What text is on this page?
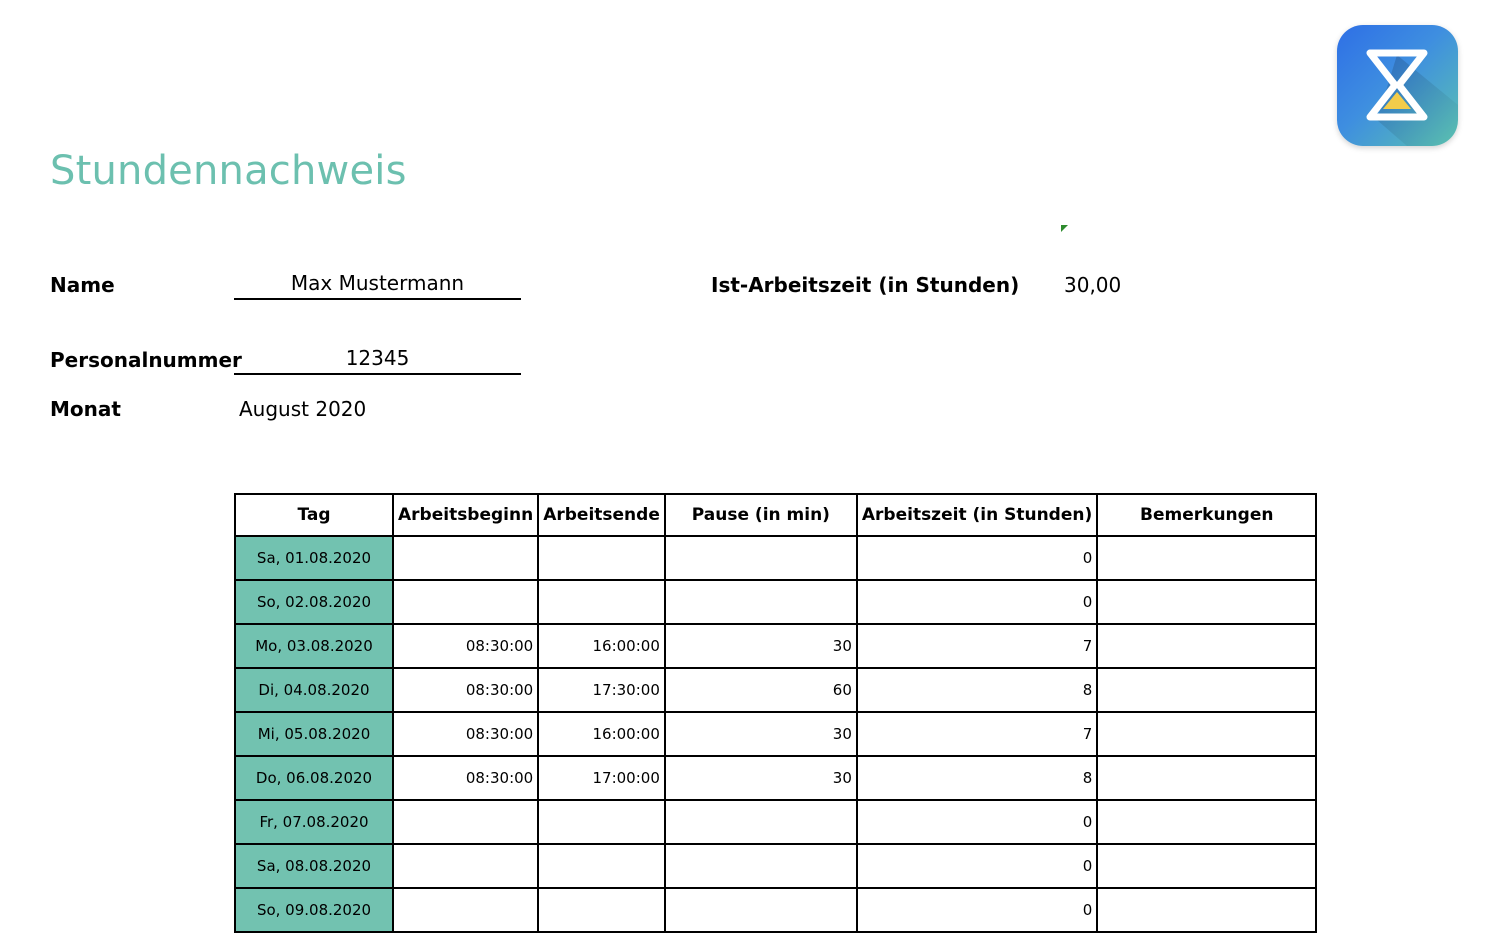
Stundennachweis
Name	Max Mustermann	Ist-Arbeitszeit (in Stunden) 30,00
Personalnummer	12345
Monat	August 2020
Tag	Arbeitsbeginn	Arbeitsende	Pause (in min)	Arbeitszeit (in Stunden)	Bemerkungen
Sa, 01.08.2020				0	
So, 02.08.2020				0	
Mo, 03.08.2020	08:30:00	16:00:00	30	7	
Di, 04.08.2020	08:30:00	17:30:00	60	8	
Mi, 05.08.2020	08:30:00	16:00:00	30	7	
Do, 06.08.2020	08:30:00	17:00:00	30	8	
Fr, 07.08.2020				0	
Sa, 08.08.2020				0	
So, 09.08.2020				0	
